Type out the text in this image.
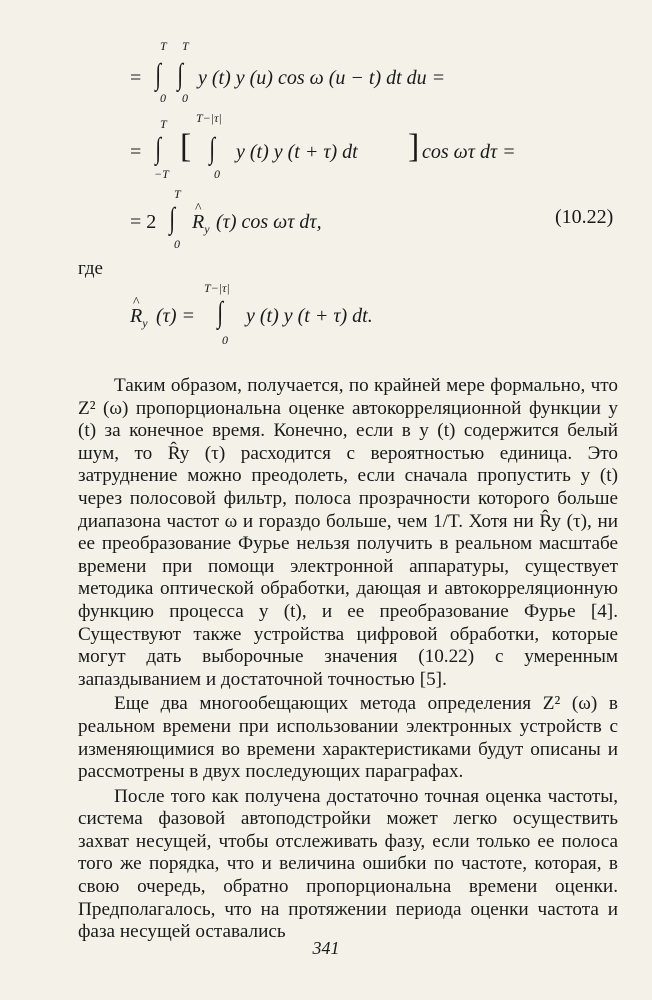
= ∫
T
0
∫
T
0
y (t) y (u) cos ω (u − t) dt du =
= ∫
T
−T
[ ∫
T−|τ|
0
y (t) y (t + τ) dt ] cos ωτ dτ =
= 2 ∫
T
0
^ $R_y$ (τ) cos ωτ dτ,	(10.22)
где
^ $R_y$ (τ) = ∫
T−|τ|
0
y (t) y (t + τ) dt.

Таким образом, получается, по крайней мере формально, что Z² (ω) пропорциональна оценке автокорреляционной функции y (t) за конечное время. Конечно, если в y (t) содержится белый шум, то R̂y (τ) расходится с вероятностью единица. Это затруднение можно преодолеть, если сначала пропустить y (t) через полосовой фильтр, полоса прозрачности которого больше диапазона частот ω и гораздо больше, чем 1/T. Хотя ни R̂y (τ), ни ее преобразование Фурье нельзя получить в реальном масштабе времени при помощи электронной аппаратуры, существует методика оптической обработки, дающая и автокорреляционную функцию процесса y (t), и ее преобразование Фурье [4]. Существуют также устройства цифровой обработки, которые могут дать выборочные значения (10.22) с умеренным запаздыванием и достаточной точностью [5].

Еще два многообещающих метода определения Z² (ω) в реальном времени при использовании электронных устройств с изменяющимися во времени характеристиками будут описаны и рассмотрены в двух последующих параграфах.

После того как получена достаточно точная оценка частоты, система фазовой автоподстройки может легко осуществить захват несущей, чтобы отслеживать фазу, если только ее полоса того же порядка, что и величина ошибки по частоте, которая, в свою очередь, обратно пропорциональна времени оценки. Предполагалось, что на протяжении периода оценки частота и фаза несущей оставались

341
